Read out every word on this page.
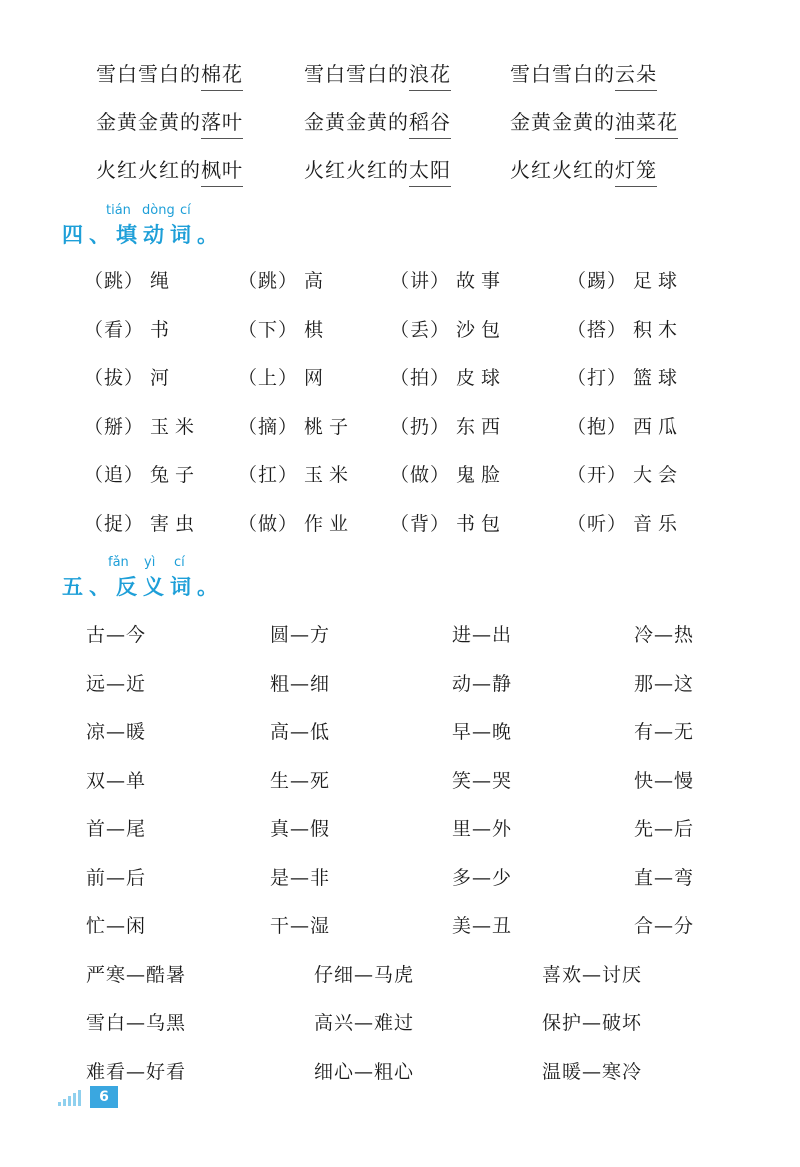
雪白雪白的棉花	雪白雪白的浪花	雪白雪白的云朵
金黄金黄的落叶	金黄金黄的稻谷	金黄金黄的油菜花
火红火红的枫叶	火红火红的太阳	火红火红的灯笼
tián dòng cí
四、填动词。
（跳） 绳	（跳） 高	（讲） 故事	（踢） 足球
（看） 书	（下） 棋	（丢） 沙包	（搭） 积木
（拔） 河	（上） 网	（拍） 皮球	（打） 篮球
（掰） 玉米 （摘） 桃子 （扔） 东西	（抱） 西瓜
（追） 兔子 （扛） 玉米 （做） 鬼脸	（开） 大会
（捉） 害虫 （做） 作业 （背） 书包	（听） 音乐
fǎn yì cí
五、反义词。
古—今	圆—方	进—出	冷—热
远—近	粗—细	动—静	那—这
凉—暖	高—低	早—晚	有—无
双—单	生—死	笑—哭	快—慢
首—尾	真—假	里—外	先—后
前—后	是—非	多—少	直—弯
忙—闲	干—湿	美—丑	合—分
严寒—酷暑	仔细—马虎	喜欢—讨厌
雪白—乌黑	高兴—难过	保护—破坏
难看—好看	细心—粗心	温暖—寒冷
6
